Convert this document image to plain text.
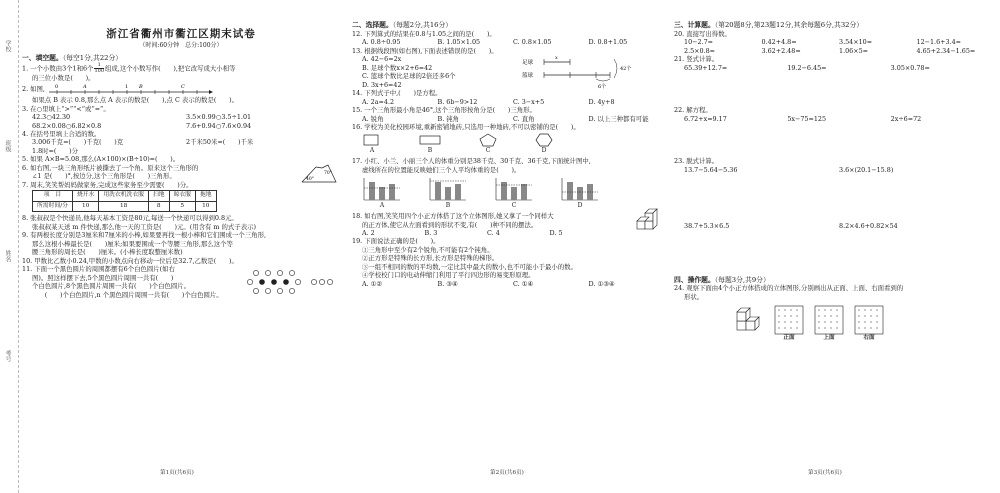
学校
班级
姓名
考号
浙江省衢州市衢江区期末试卷
（时间:60分钟　总分:100分）
一、填空题。（每空1分,共22分）
1. 一个小数由3个1和6个 $\frac{1}{100}$ 组成,这个小数写作(　　),把它改写成大小相等
的三位小数是(　　)。
2. 如图, 0	1
A	B	C
如果点 B 表示 0.8,那么点 A 表示的数是(　　),点 C 表示的数是(　　)。
3. 在○里填上“>”“<”或“=”。
42.3○42.30	3.5×0.99○3.5÷1.01
68.2×0.08○6.82×0.8	7.6+0.94○7.6×0.94
4. 在括号里填上合适的数。
3.006千克=(　　)千克(　　)克	2千米50米=(　　)千米
1.8时=(　　)分
5. 如果 A×B=5.08,那么(A×100)×(B÷10)=(　　)。
6. 如右图,一块三角形纸片被撕去了一个角。原来这个三角形的
∠1 是(　　)°,按边分,这个三角形是(　　)三角形。	70°
40°
7. 周末,笑笑帮妈妈做家务,完成这些家务至少需要(　　)分。
项　目	烧开水	用洗衣机洗衣服	扫地	晾衣服	拖地
所需时间/分	10	18	8	5	10
8. 张叔叔是个快递员,他每天基本工资是80元,每送一个快递可以得到0.8元。
张叔叔某天送 m 件快递,那么他一天的工资是(　　)元。(用含有 m 的式子表示)
9. 有两根长度分别是3厘米和7厘米的小棒,如果要再找一根小棒和它们围成一个三角形,
那么这根小棒最长是(　　)厘米;如果要围成一个等腰三角形,那么这个等
腰三角形的周长是(　　)厘米。(小棒长度取整厘米数)
10. 甲数比乙数小0.24,甲数的小数点向右移动一位后是32.7,乙数是(　　)。
11. 下面一个黑色圆片的周围都摆有6个白色圆片(如右
图)。照这样摆下去,5个黑色圆片周围一共有(　　)
个白色圆片,8个黑色圆片周围一共有(　　)个白色圆片。
　　(　　)个白色圆片,n 个黑色圆片周围一共有(　　)个白色圆片。
二、选择题。（每题2分,共16分）
12. 下列算式的结果在0.8与1.05之间的是(　　)。
A. 0.8÷0.95	B. 1.05×1.05	C. 0.8×1.05	D. 0.8+1.05
13. 根据线段图(如右图),下面表述错误的是(　　)。
A. 42−6=2x
B. 足球个数x×2+6=42
C. 篮球个数比足球的2倍还多6个
D. 3x+6=42
足球
篮球
x
6个
42个
14. 下列式子中,(　　)是方程。
A. 2a=4.2	B. 6b−9>12	C. 3−x+5	D. 4y+8
15. 一个三角形最小角是46°,这个三角形按角分是(　　)三角形。
A. 锐角	B. 钝角	C. 直角	D. 以上三种都有可能
16. 学校为美化校园环境,重新密铺地砖,只选用一种地砖,不可以密铺的是(　　)。
A	B	C	D
17. 小红、小兰、小丽三个人的体重分别是38千克、30千克、36千克,下面统计图中,
虚线所在的位置能反映她们三个人平均体重的是(　　)。
A	B	C	D
18. 如右图,笑笑用四个小正方体搭了这个立体图形,她又拿了一个同样大
的正方体,使它从左面看到的形状不变,有(　　)种不同的摆法。
A. 2	B. 3	C. 4	D. 5
19. 下面说法正确的是(　　)。
①三角形中至少有2个锐角,不可能有2个钝角。
②正方形是特殊的长方形,长方形是特殊的梯形。
③一组不相同的数的平均数,一定比其中最大的数小,也不可能小于最小的数。
④学校校门口的电动伸缩门利用了平行四边形的易变形原理。
A. ①②	B. ③④	C. ①④	D. ①③④
三、计算题。（第20题8分,第23题12分,其余每题6分,共32分）
20. 直接写出得数。
10−2.7=	0.42+4.8=	3.54×10=	12−1.6+3.4=
2.5×0.8=	3.62+2.48=	1.06×5=	4.65+2.34−1.65=
21. 竖式计算。
65.39+12.7=	19.2−6.45=	3.05×0.78=
22. 解方程。
6.72+x=9.17	5x−75=125	2x÷6=72
23. 脱式计算。
13.7−5.64−5.36	3.6×(20.1−15.8)
38.7+5.3×6.5	8.2×4.6+0.82×54
四、操作题。（每题3分,共9分）
24. 观察下面由4个小正方体搭成的立体图形,分别画出从正面、上面、右面看到的
形状。
正面	上面	右面
第1页(共6页)	第2页(共6页)	第3页(共6页)
